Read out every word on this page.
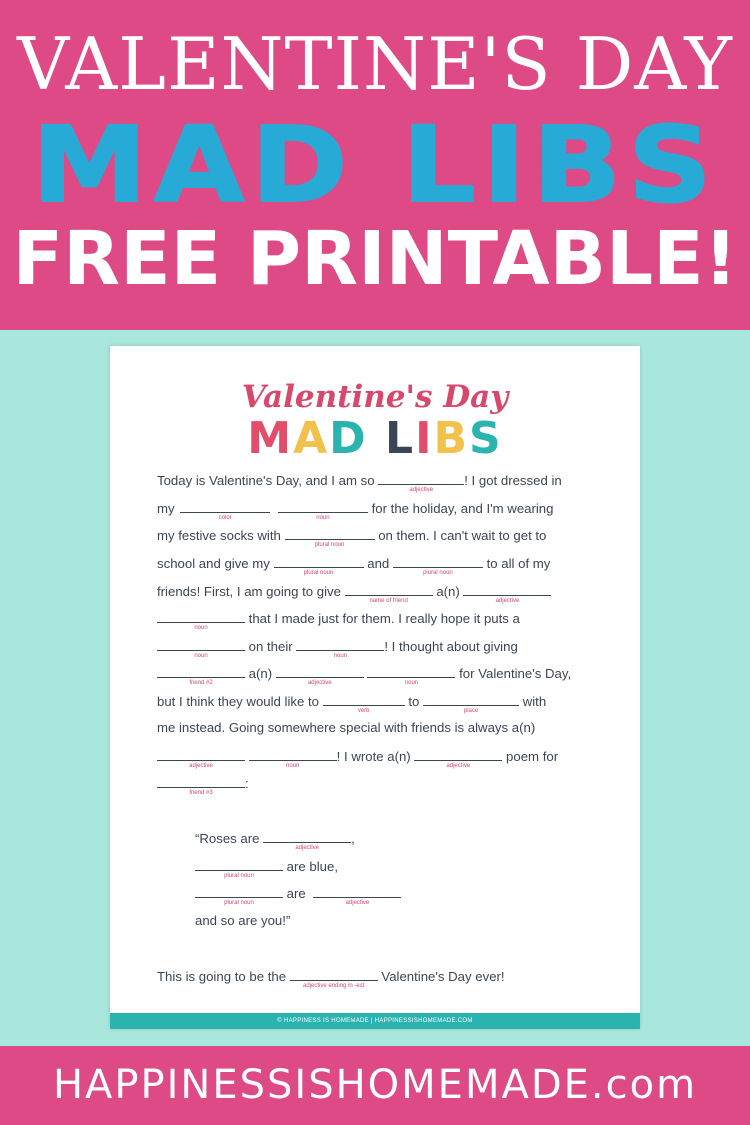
VALENTINE'S DAY
MAD LIBS
FREE PRINTABLE!
Valentine's Day
MAD LIBS
Today is Valentine's Day, and I am so
adjective
! I got dressed in
my
color
	noun
for the holiday, and I'm wearing
my festive socks with
plural noun
on them. I can't wait to get to
school and give my
plural noun
and
plural noun
to all of my
friends! First, I am going to give
name of friend
a(n)
adjective
noun
that I made just for them. I really hope it puts a
noun
on their
noun
! I thought about giving
friend #2
a(n)
adjective
	noun
for Valentine's Day,
but I think they would like to
verb
to
place
with
me instead. Going somewhere special with friends is always a(n)
adjective
	noun
! I wrote a(n)
adjective
poem for
friend #3
:
“Roses are
adjective
,
plural noun
are blue,
plural noun
are
adjective
and so are you!”
This is going to be the
adjective ending in -est
Valentine's Day ever!
© HAPPINESS IS HOMEMADE | HAPPINESSISHOMEMADE.COM
HAPPINESSISHOMEMADE.com
